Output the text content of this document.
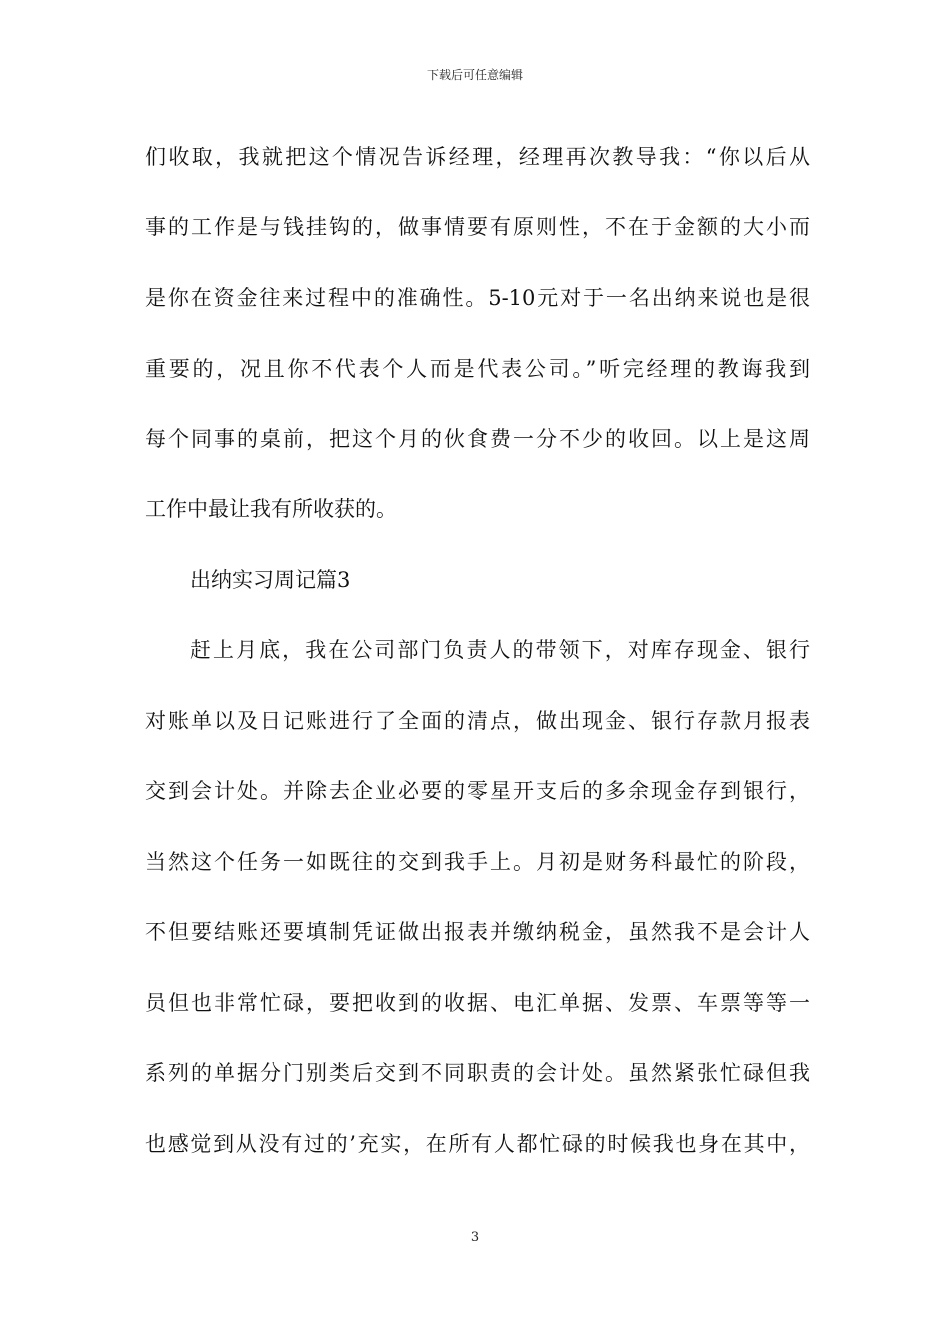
下载后可任意编辑
们收取，我就把这个情况告诉经理，经理再次教导我：“你以后从
事的工作是与钱挂钩的，做事情要有原则性，不在于金额的大小而
是你在资金往来过程中的准确性。5-10元对于一名出纳来说也是很
重要的，况且你不代表个人而是代表公司。”听完经理的教诲我到
每个同事的桌前，把这个月的伙食费一分不少的收回。以上是这周
工作中最让我有所收获的。
出纳实习周记篇3
赶上月底，我在公司部门负责人的带领下，对库存现金、银行
对账单以及日记账进行了全面的清点，做出现金、银行存款月报表
交到会计处。并除去企业必要的零星开支后的多余现金存到银行，
当然这个任务一如既往的交到我手上。月初是财务科最忙的阶段，
不但要结账还要填制凭证做出报表并缴纳税金，虽然我不是会计人
员但也非常忙碌，要把收到的收据、电汇单据、发票、车票等等一
系列的单据分门别类后交到不同职责的会计处。虽然紧张忙碌但我
也感觉到从没有过的’充实，在所有人都忙碌的时候我也身在其中，
3
